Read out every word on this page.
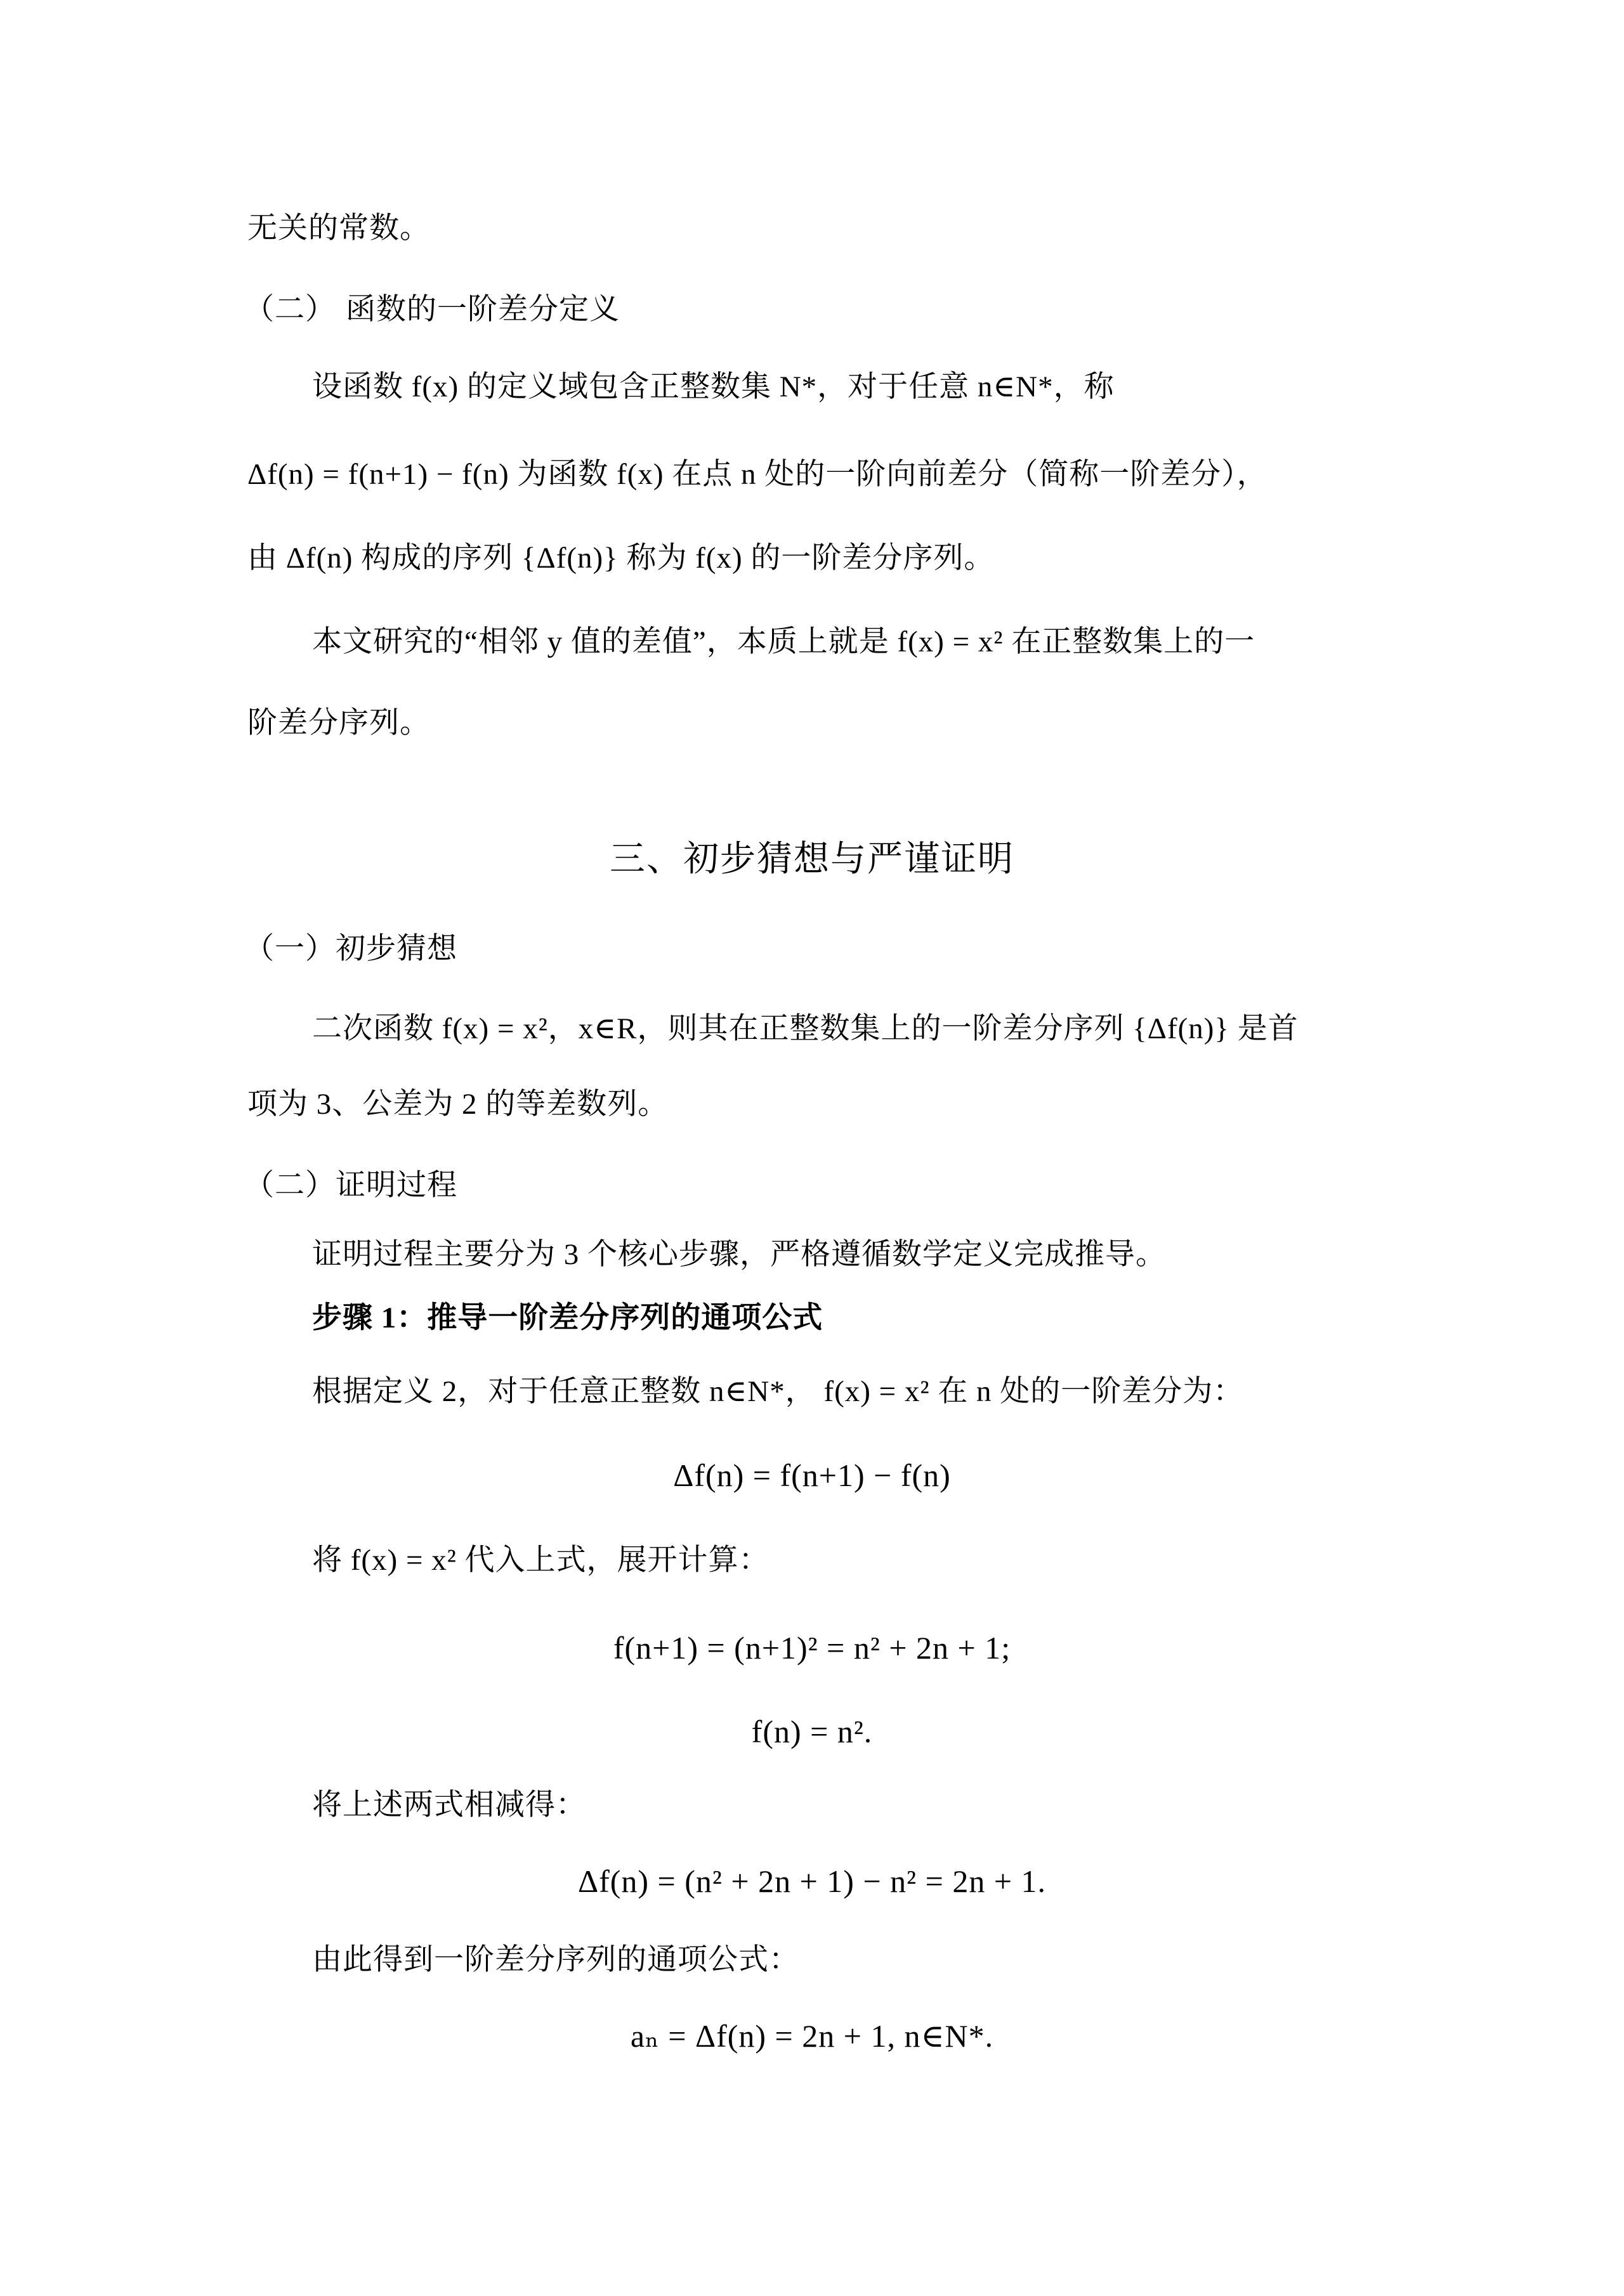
无关的常数。
（二） 函数的一阶差分定义
设函数 f(x) 的定义域包含正整数集 N*，对于任意 n∈N*，称
Δf(n) = f(n+1) − f(n) 为函数 f(x) 在点 n 处的一阶向前差分（简称一阶差分），
由 Δf(n) 构成的序列 {Δf(n)} 称为 f(x) 的一阶差分序列。
本文研究的“相邻 y 值的差值”，本质上就是 f(x) = x² 在正整数集上的一
阶差分序列。
三、初步猜想与严谨证明
（一）初步猜想
二次函数 f(x) = x²，x∈R，则其在正整数集上的一阶差分序列 {Δf(n)} 是首
项为 3、公差为 2 的等差数列。
（二）证明过程
证明过程主要分为 3 个核心步骤，严格遵循数学定义完成推导。
步骤 1：推导一阶差分序列的通项公式
根据定义 2，对于任意正整数 n∈N*， f(x) = x² 在 n 处的一阶差分为：
Δf(n) = f(n+1) − f(n)
将 f(x) = x² 代入上式，展开计算：
f(n+1) = (n+1)² = n² + 2n + 1;
f(n) = n².
将上述两式相减得：
Δf(n) = (n² + 2n + 1) − n² = 2n + 1.
由此得到一阶差分序列的通项公式：
aₙ = Δf(n) = 2n + 1, n∈N*.
